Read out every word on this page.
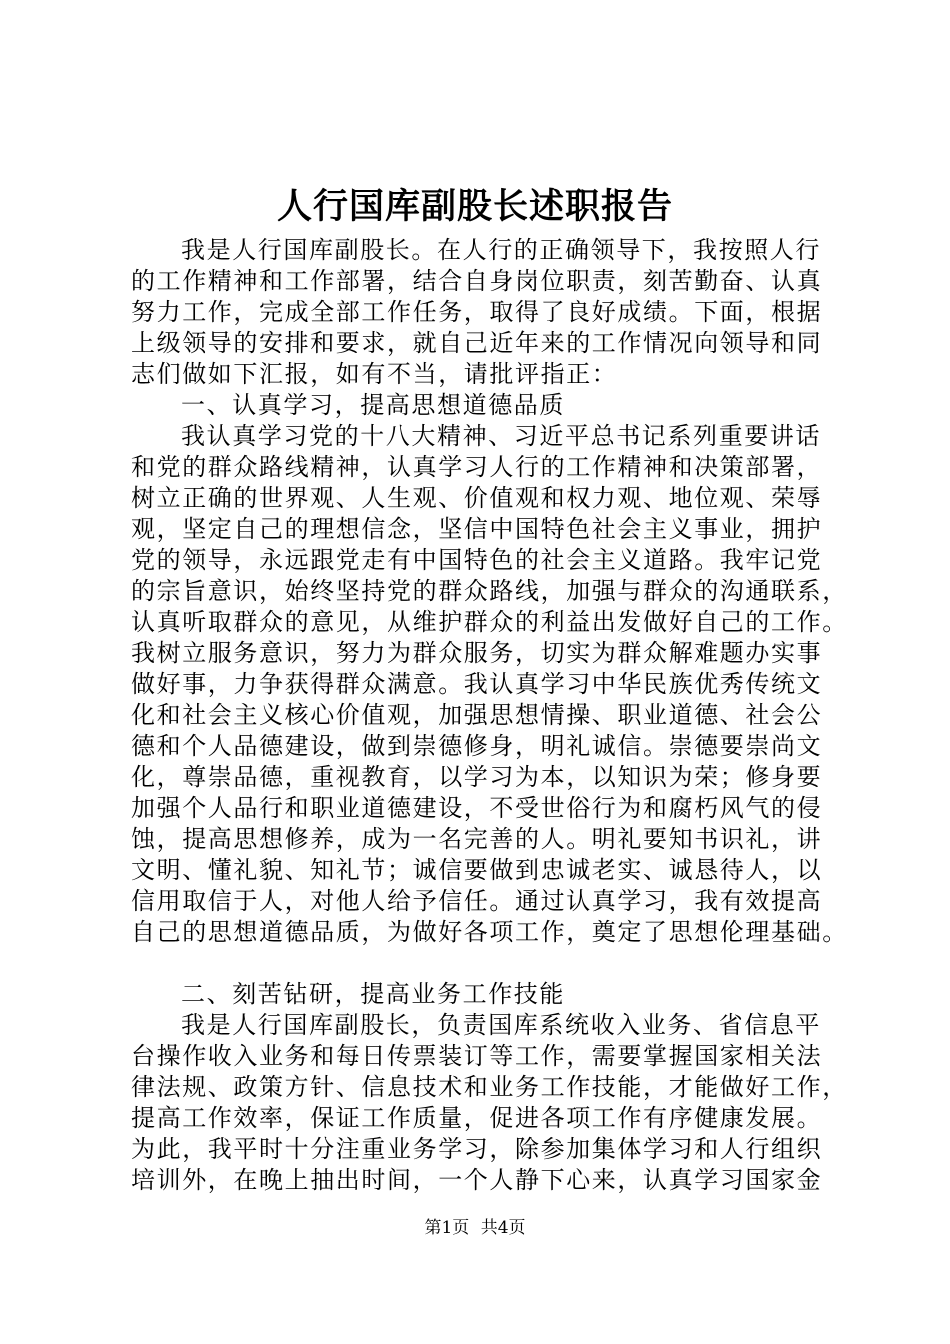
人行国库副股长述职报告
我是人行国库副股长。在人行的正确领导下，我按照人行
的工作精神和工作部署，结合自身岗位职责，刻苦勤奋、认真
努力工作，完成全部工作任务，取得了良好成绩。下面，根据
上级领导的安排和要求，就自己近年来的工作情况向领导和同
志们做如下汇报，如有不当，请批评指正：
一、认真学习，提高思想道德品质
我认真学习党的十八大精神、习近平总书记系列重要讲话
和党的群众路线精神，认真学习人行的工作精神和决策部署，
树立正确的世界观、人生观、价值观和权力观、地位观、荣辱
观，坚定自己的理想信念，坚信中国特色社会主义事业，拥护
党的领导，永远跟党走有中国特色的社会主义道路。我牢记党
的宗旨意识，始终坚持党的群众路线，加强与群众的沟通联系，
认真听取群众的意见，从维护群众的利益出发做好自己的工作。
我树立服务意识，努力为群众服务，切实为群众解难题办实事
做好事，力争获得群众满意。我认真学习中华民族优秀传统文
化和社会主义核心价值观，加强思想情操、职业道德、社会公
德和个人品德建设，做到崇德修身，明礼诚信。崇德要崇尚文
化，尊崇品德，重视教育，以学习为本，以知识为荣；修身要
加强个人品行和职业道德建设，不受世俗行为和腐朽风气的侵
蚀，提高思想修养，成为一名完善的人。明礼要知书识礼，讲
文明、懂礼貌、知礼节；诚信要做到忠诚老实、诚恳待人，以
信用取信于人，对他人给予信任。通过认真学习，我有效提高
自己的思想道德品质，为做好各项工作，奠定了思想伦理基础。
二、刻苦钻研，提高业务工作技能
我是人行国库副股长，负责国库系统收入业务、省信息平
台操作收入业务和每日传票装订等工作，需要掌握国家相关法
律法规、政策方针、信息技术和业务工作技能，才能做好工作，
提高工作效率，保证工作质量，促进各项工作有序健康发展。
为此，我平时十分注重业务学习，除参加集体学习和人行组织
培训外，在晚上抽出时间，一个人静下心来，认真学习国家金
第1页 共4页
